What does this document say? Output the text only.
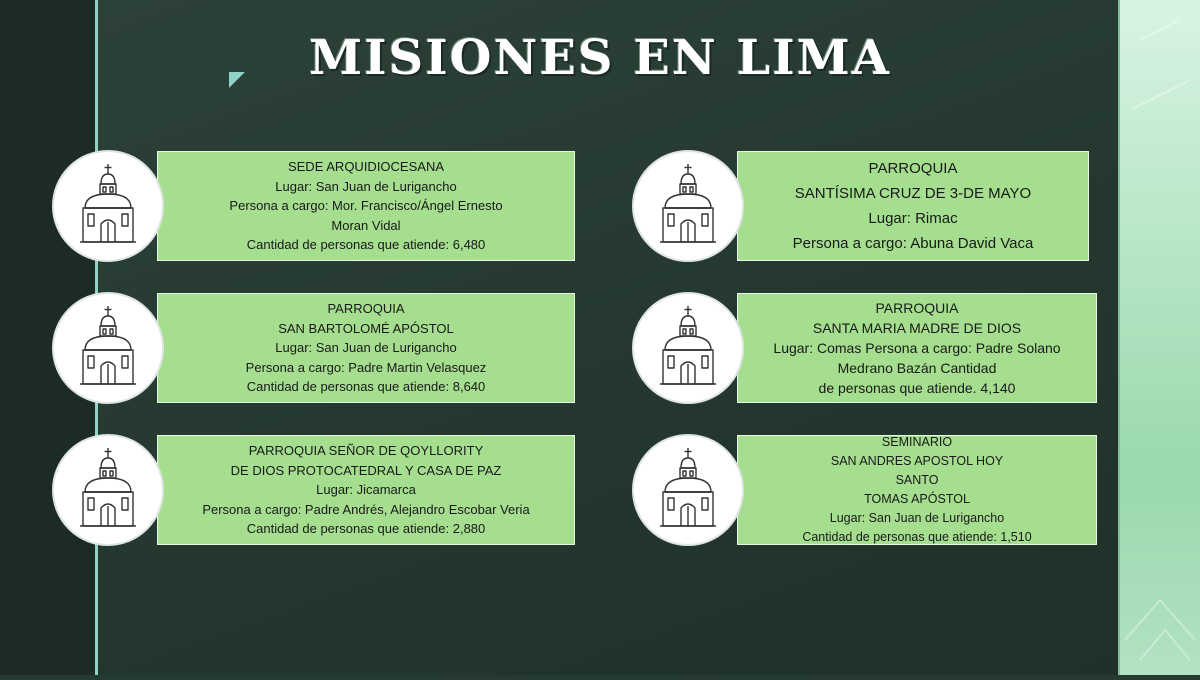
MISIONES EN LIMA
SEDE ARQUIDIOCESANA
Lugar: San Juan de Lurigancho
Persona a cargo: Mor. Francisco/Ángel Ernesto
Moran Vidal
Cantidad de personas que atiende: 6,480
PARROQUIA
SANTÍSIMA CRUZ DE 3-DE MAYO
Lugar: Rimac
Persona a cargo: Abuna David Vaca
PARROQUIA
SAN BARTOLOMÉ APÓSTOL
Lugar: San Juan de Lurigancho
Persona a cargo: Padre Martin Velasquez
Cantidad de personas que atiende: 8,640
PARROQUIA
SANTA MARIA MADRE DE DIOS
Lugar: Comas Persona a cargo: Padre Solano
Medrano Bazán Cantidad
de personas que atiende. 4,140
PARROQUIA SEÑOR DE QOYLLORITY
DE DIOS PROTOCATEDRAL Y CASA DE PAZ
Lugar: Jicamarca
Persona a cargo: Padre Andrés, Alejandro Escobar Veria
Cantidad de personas que atiende: 2,880
SEMINARIO
SAN ANDRES APOSTOL HOY
SANTO
TOMAS APÓSTOL
Lugar: San Juan de Lurigancho
Cantidad de personas que atiende: 1,510
